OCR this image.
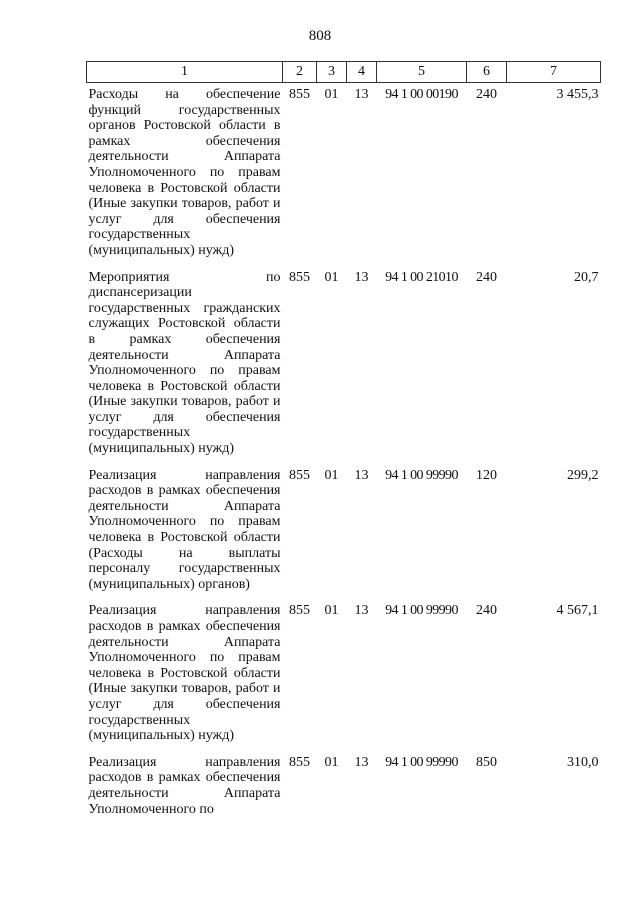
808
1	2	3	4	5	6	7
Расходы на обеспечение функций государственных органов Ростовской области в рамках обеспечения деятельности Аппарата Уполномоченного по правам человека в Ростовской области (Иные закупки товаров, работ и услуг для обеспечения государственных (муниципальных) нужд)	855	01	13	94 1 00 00190	240	3 455,3
Мероприятия по диспансеризации государственных гражданских служащих Ростовской области в рамках обеспечения деятельности Аппарата Уполномоченного по правам человека в Ростовской области (Иные закупки товаров, работ и услуг для обеспечения государственных (муниципальных) нужд)	855	01	13	94 1 00 21010	240	20,7
Реализация направления расходов в рамках обеспечения деятельности Аппарата Уполномоченного по правам человека в Ростовской области (Расходы на выплаты персоналу государственных (муниципальных) органов)	855	01	13	94 1 00 99990	120	299,2
Реализация направления расходов в рамках обеспечения деятельности Аппарата Уполномоченного по правам человека в Ростовской области (Иные закупки товаров, работ и услуг для обеспечения государственных (муниципальных) нужд)	855	01	13	94 1 00 99990	240	4 567,1
Реализация направления расходов в рамках обеспечения деятельности Аппарата Уполномоченного по	855	01	13	94 1 00 99990	850	310,0
